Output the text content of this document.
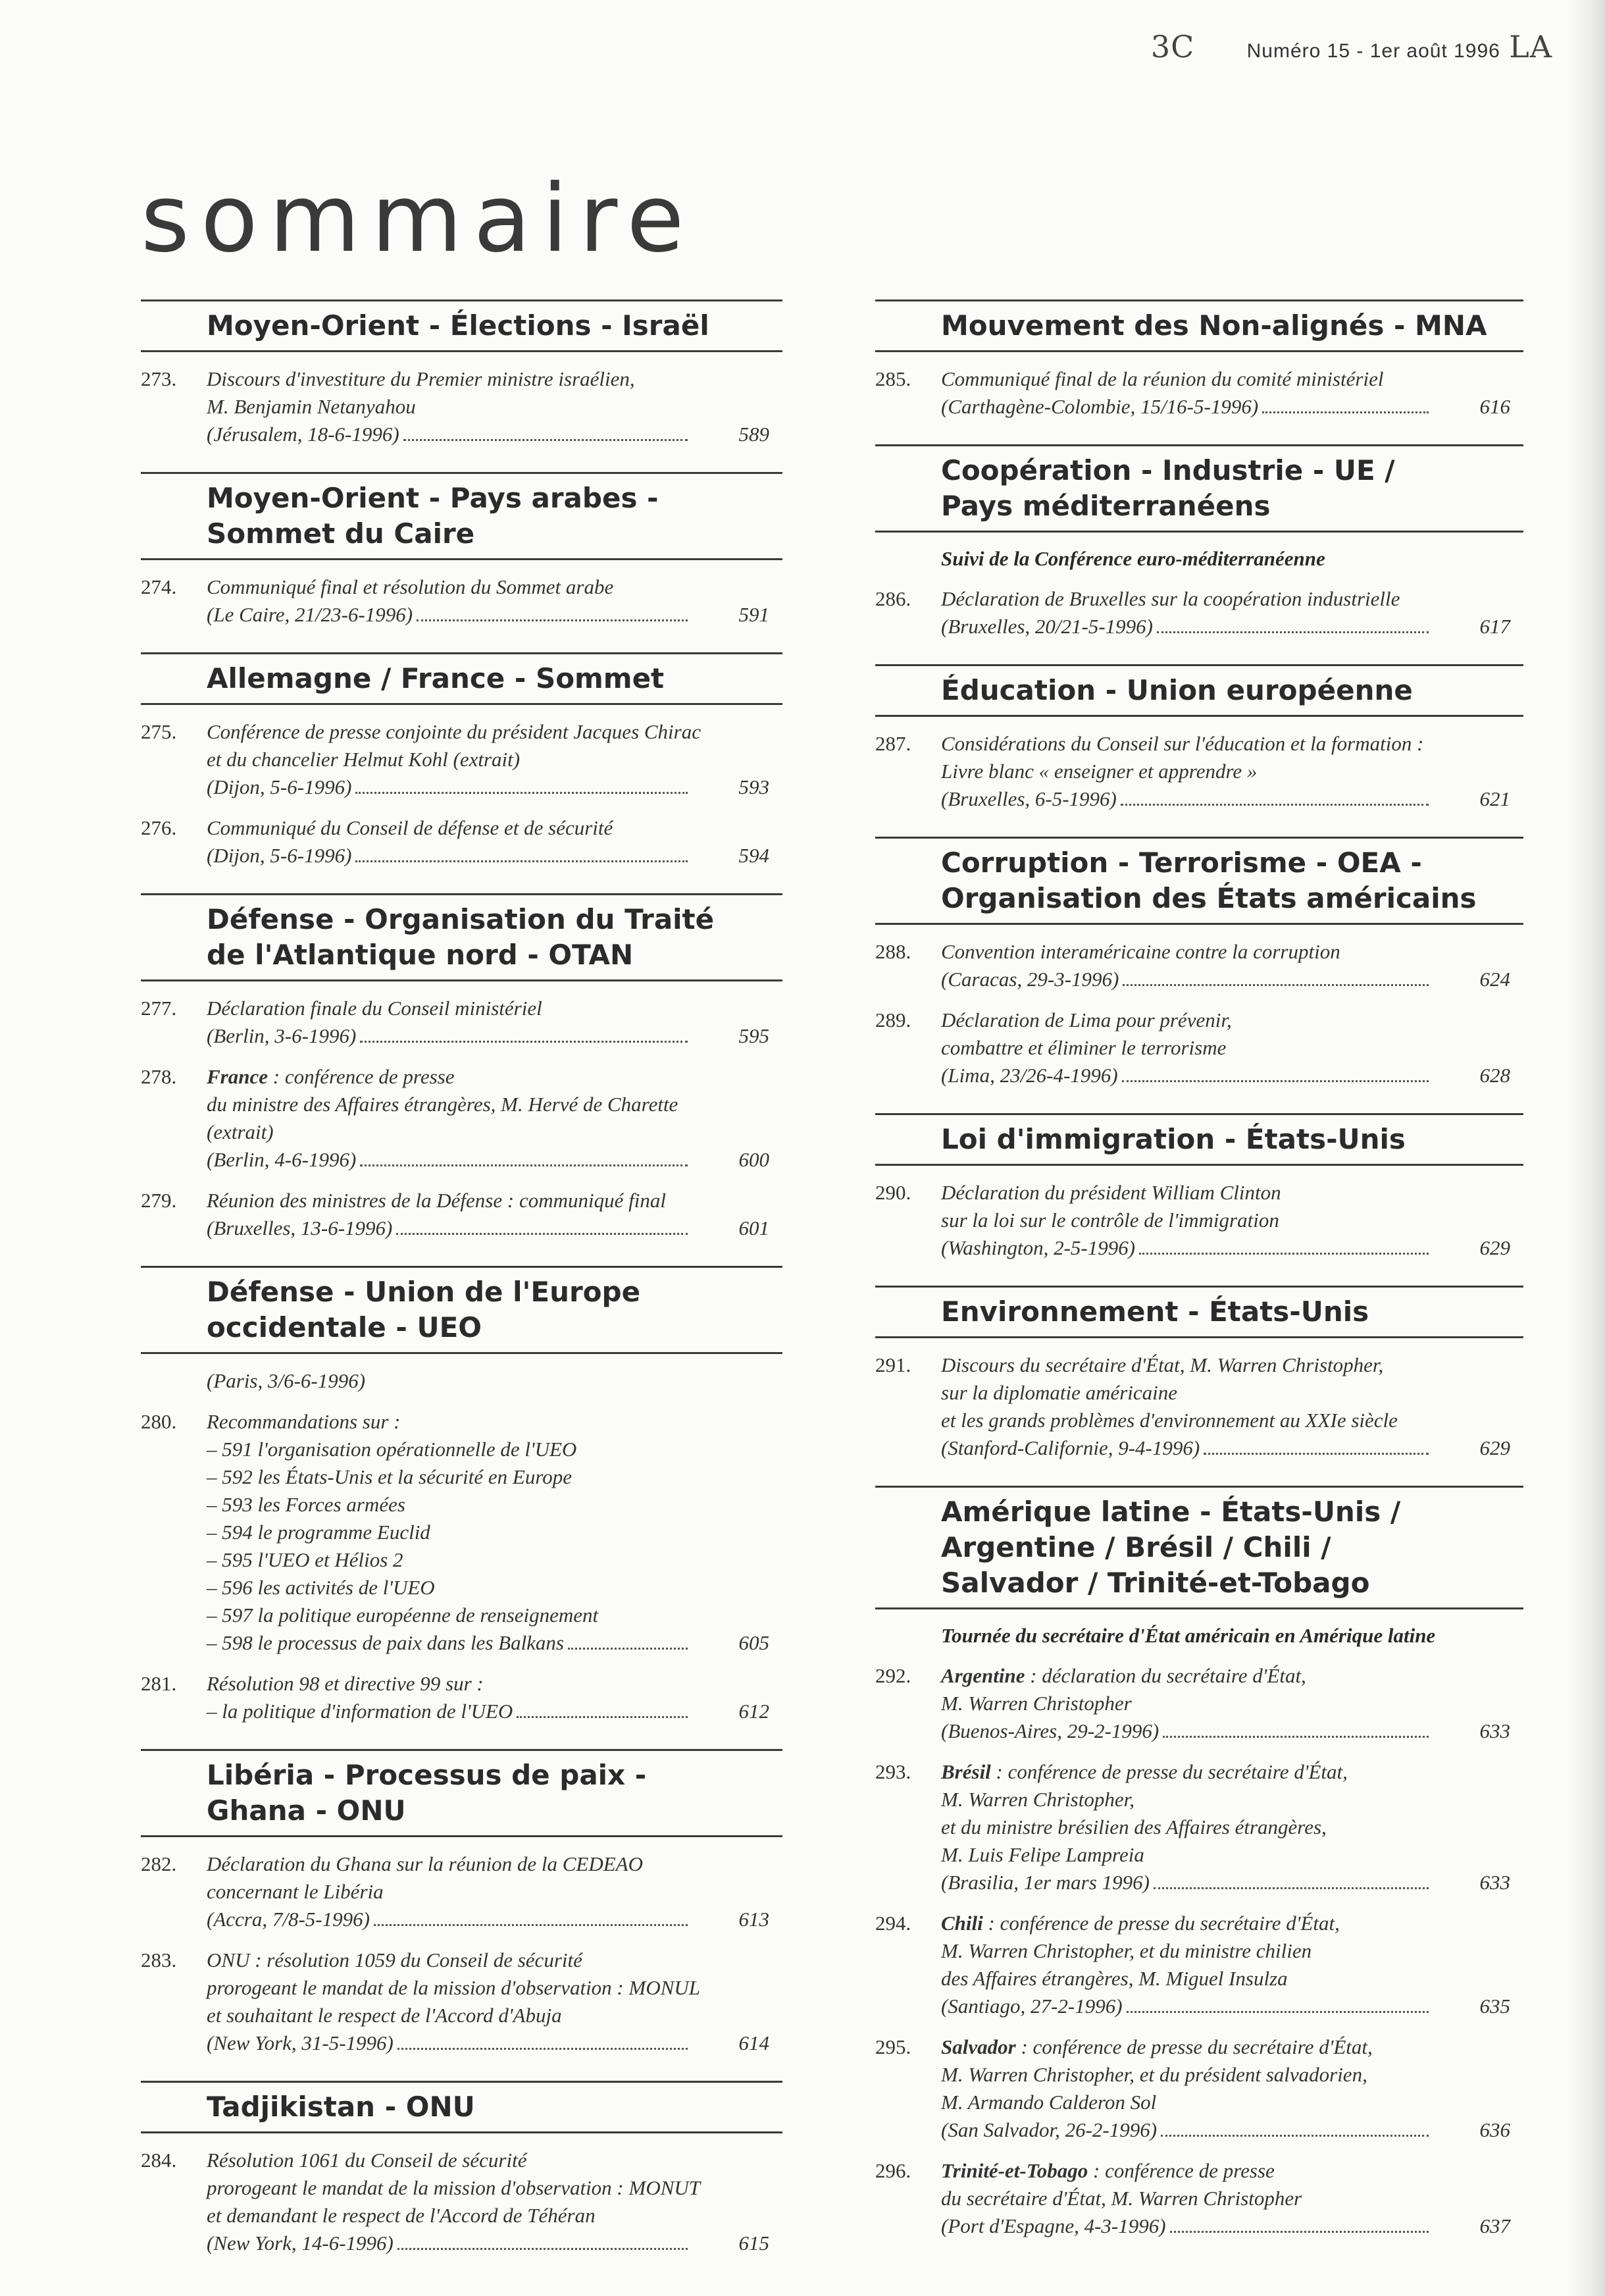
3C	Numéro 15 - 1er août 1996 LA
sommaire
Moyen-Orient - Élections - Israël
273. Discours d'investiture du Premier ministre israélien,
M. Benjamin Netanyahou
(Jérusalem, 18-6-1996)	589
Moyen-Orient - Pays arabes -
Sommet du Caire
274. Communiqué final et résolution du Sommet arabe
(Le Caire, 21/23-6-1996)	591
Allemagne / France - Sommet
275. Conférence de presse conjointe du président Jacques Chirac
et du chancelier Helmut Kohl (extrait)
(Dijon, 5-6-1996)	593
276. Communiqué du Conseil de défense et de sécurité
(Dijon, 5-6-1996)	594
Défense - Organisation du Traité
de l'Atlantique nord - OTAN
277. Déclaration finale du Conseil ministériel
(Berlin, 3-6-1996)	595
278. France : conférence de presse
du ministre des Affaires étrangères, M. Hervé de Charette
(extrait)
(Berlin, 4-6-1996)	600
279. Réunion des ministres de la Défense : communiqué final
(Bruxelles, 13-6-1996)	601
Défense - Union de l'Europe
occidentale - UEO
(Paris, 3/6-6-1996)
280. Recommandations sur :
– 591 l'organisation opérationnelle de l'UEO
– 592 les États-Unis et la sécurité en Europe
– 593 les Forces armées
– 594 le programme Euclid
– 595 l'UEO et Hélios 2
– 596 les activités de l'UEO
– 597 la politique européenne de renseignement
– 598 le processus de paix dans les Balkans	605
281. Résolution 98 et directive 99 sur :
– la politique d'information de l'UEO	612
Libéria - Processus de paix -
Ghana - ONU
282. Déclaration du Ghana sur la réunion de la CEDEAO
concernant le Libéria
(Accra, 7/8-5-1996)	613
283. ONU : résolution 1059 du Conseil de sécurité
prorogeant le mandat de la mission d'observation : MONUL
et souhaitant le respect de l'Accord d'Abuja
(New York, 31-5-1996)	614
Tadjikistan - ONU
284. Résolution 1061 du Conseil de sécurité
prorogeant le mandat de la mission d'observation : MONUT
et demandant le respect de l'Accord de Téhéran
(New York, 14-6-1996)	615
Mouvement des Non-alignés - MNA
285. Communiqué final de la réunion du comité ministériel
(Carthagène-Colombie, 15/16-5-1996)	616
Coopération - Industrie - UE /
Pays méditerranéens
Suivi de la Conférence euro-méditerranéenne
286. Déclaration de Bruxelles sur la coopération industrielle
(Bruxelles, 20/21-5-1996)	617
Éducation - Union européenne
287. Considérations du Conseil sur l'éducation et la formation :
Livre blanc « enseigner et apprendre »
(Bruxelles, 6-5-1996)	621
Corruption - Terrorisme - OEA -
Organisation des États américains
288. Convention interaméricaine contre la corruption
(Caracas, 29-3-1996)	624
289. Déclaration de Lima pour prévenir,
combattre et éliminer le terrorisme
(Lima, 23/26-4-1996)	628
Loi d'immigration - États-Unis
290. Déclaration du président William Clinton
sur la loi sur le contrôle de l'immigration
(Washington, 2-5-1996)	629
Environnement - États-Unis
291. Discours du secrétaire d'État, M. Warren Christopher,
sur la diplomatie américaine
et les grands problèmes d'environnement au XXIe siècle
(Stanford-Californie, 9-4-1996)	629
Amérique latine - États-Unis /
Argentine / Brésil / Chili /
Salvador / Trinité-et-Tobago
Tournée du secrétaire d'État américain en Amérique latine
292. Argentine : déclaration du secrétaire d'État,
M. Warren Christopher
(Buenos-Aires, 29-2-1996)	633
293. Brésil : conférence de presse du secrétaire d'État,
M. Warren Christopher,
et du ministre brésilien des Affaires étrangères,
M. Luis Felipe Lampreia
(Brasilia, 1er mars 1996)	633
294. Chili : conférence de presse du secrétaire d'État,
M. Warren Christopher, et du ministre chilien
des Affaires étrangères, M. Miguel Insulza
(Santiago, 27-2-1996)	635
295. Salvador : conférence de presse du secrétaire d'État,
M. Warren Christopher, et du président salvadorien,
M. Armando Calderon Sol
(San Salvador, 26-2-1996)	636
296. Trinité-et-Tobago : conférence de presse
du secrétaire d'État, M. Warren Christopher
(Port d'Espagne, 4-3-1996)	637
